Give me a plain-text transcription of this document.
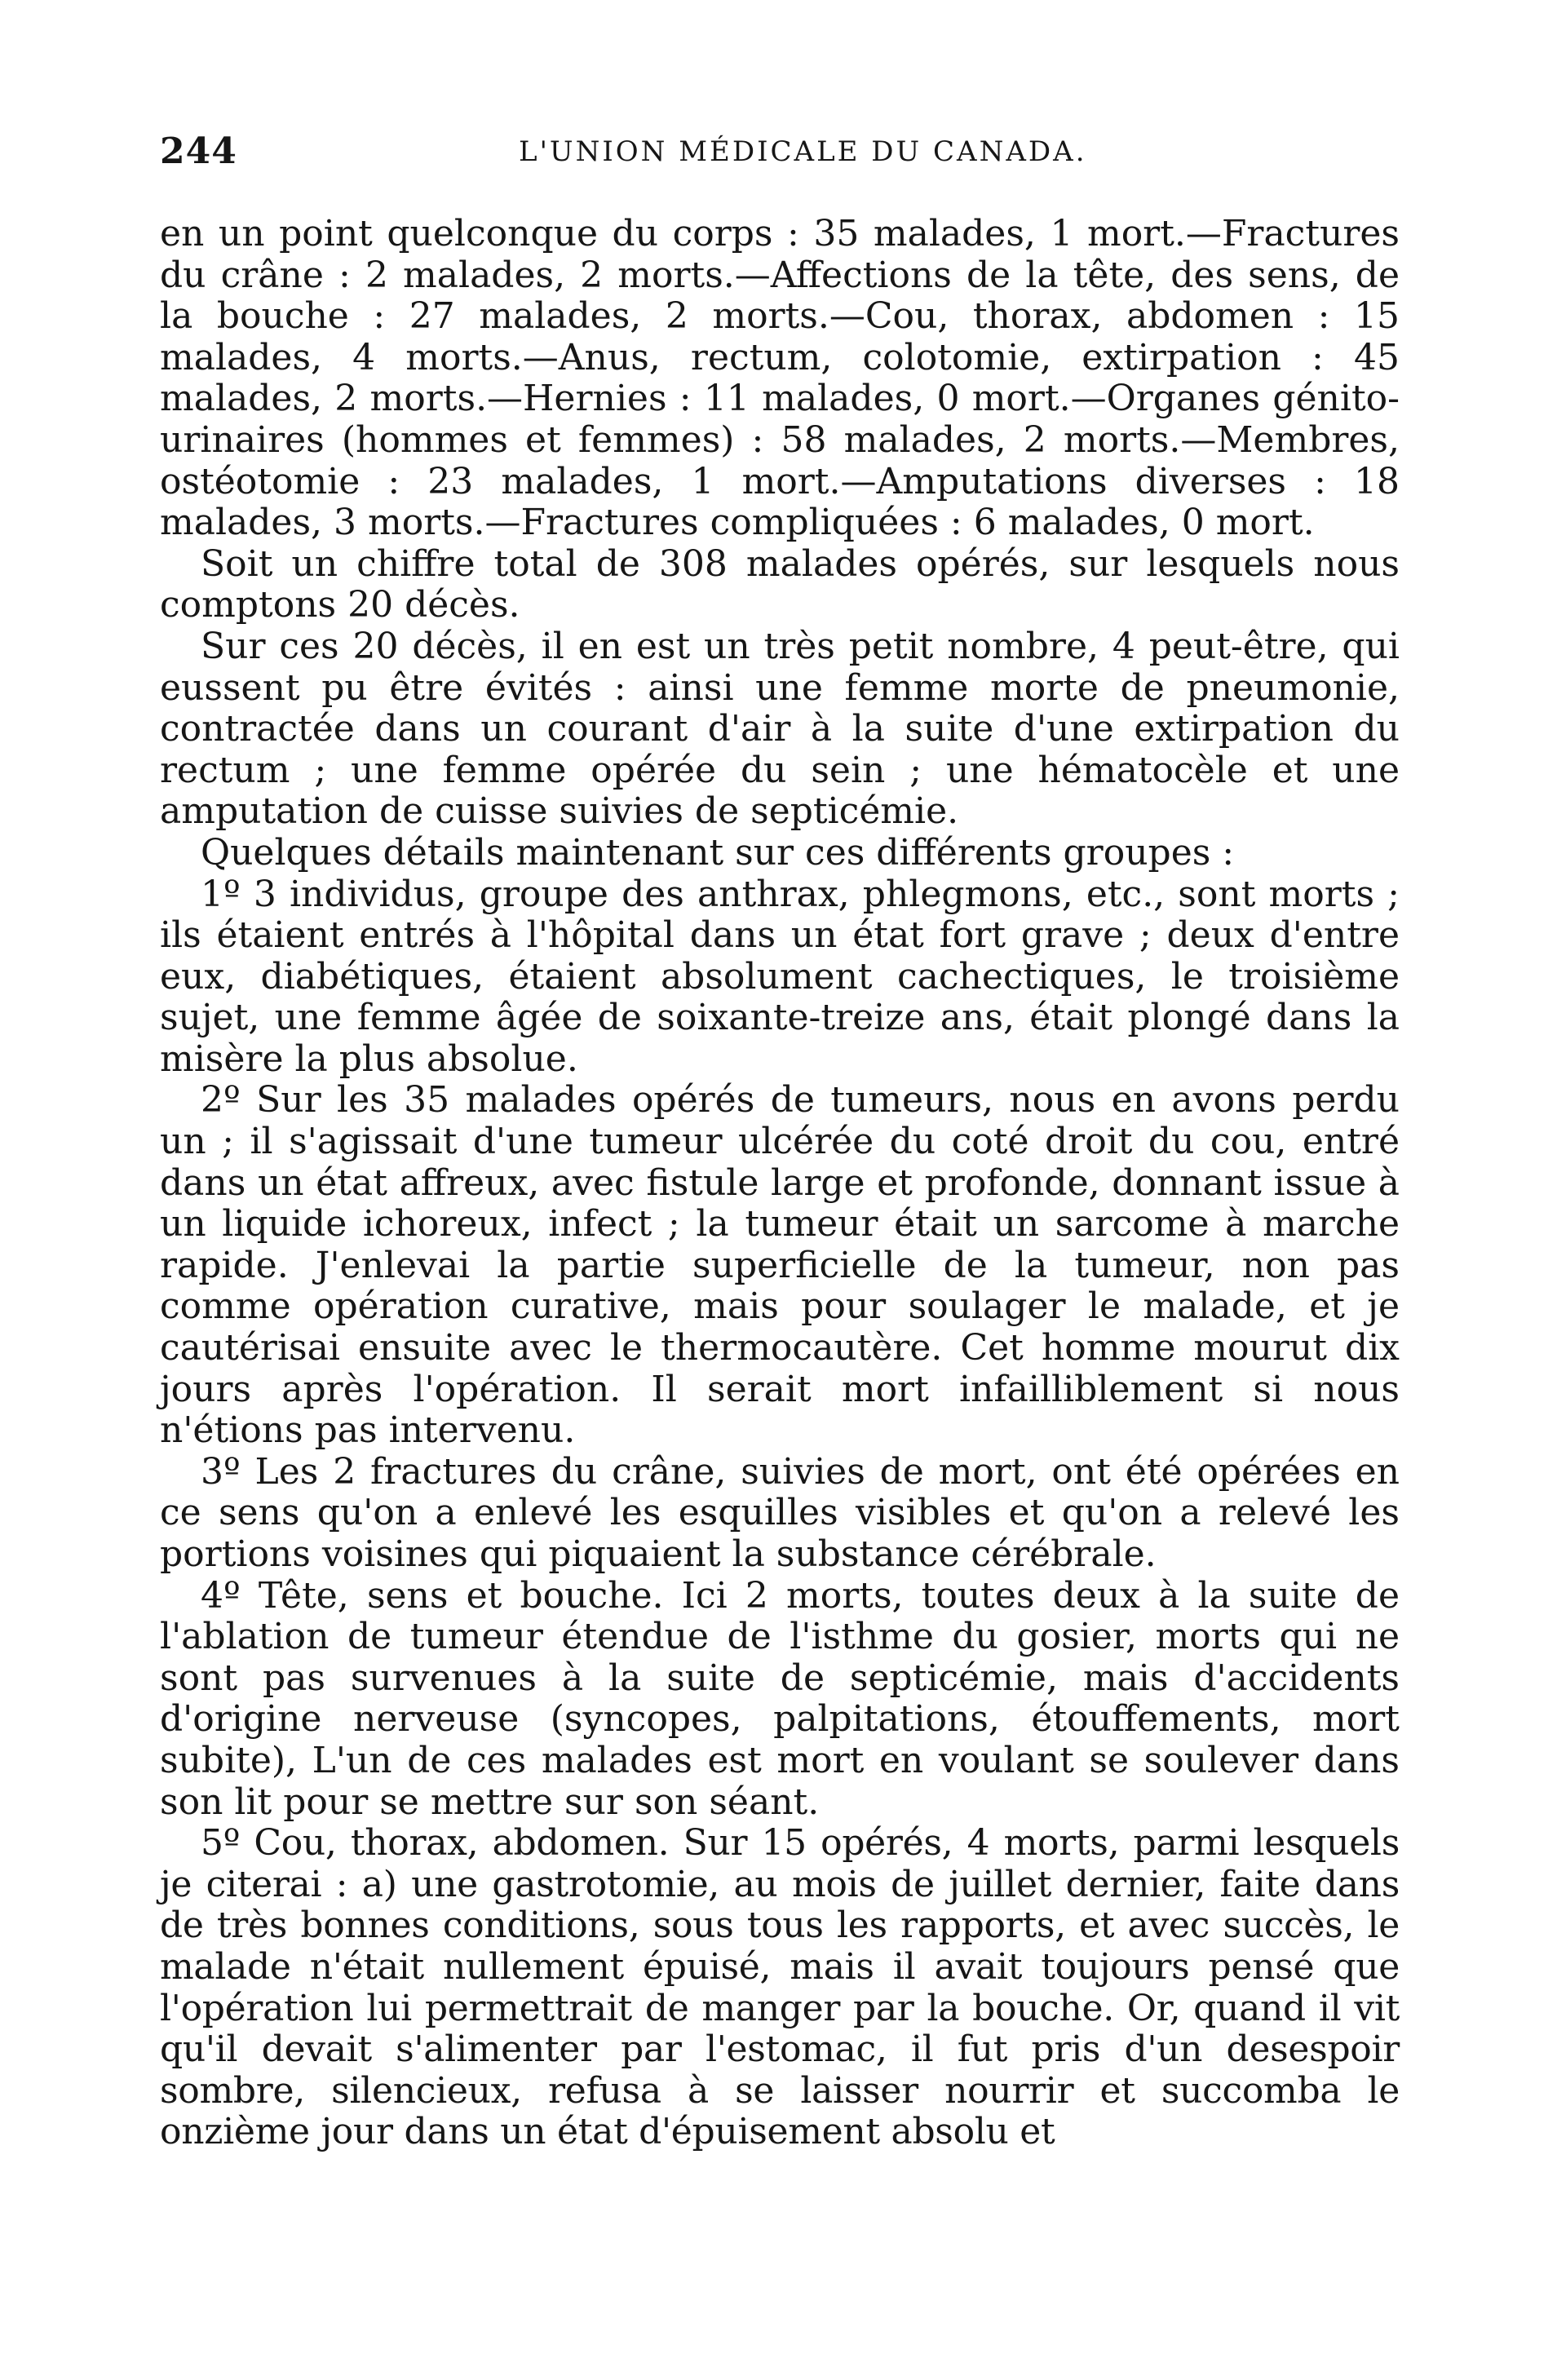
244	L'UNION MÉDICALE DU CANADA.

en un point quelconque du corps : 35 malades, 1 mort.—Fractures du crâne : 2 malades, 2 morts.—Affections de la tête, des sens, de la bouche : 27 malades, 2 morts.—Cou, thorax, abdomen : 15 malades, 4 morts.—Anus, rectum, colotomie, extirpation : 45 malades, 2 morts.—Hernies : 11 malades, 0 mort.—Organes génito-urinaires (hommes et femmes) : 58 malades, 2 morts.—Membres, ostéotomie : 23 malades, 1 mort.—Amputations diverses : 18 malades, 3 morts.—Fractures compliquées : 6 malades, 0 mort.

Soit un chiffre total de 308 malades opérés, sur lesquels nous comptons 20 décès.

Sur ces 20 décès, il en est un très petit nombre, 4 peut-être, qui eussent pu être évités : ainsi une femme morte de pneumonie, contractée dans un courant d'air à la suite d'une extirpation du rectum ; une femme opérée du sein ; une hématocèle et une amputation de cuisse suivies de septicémie.

Quelques détails maintenant sur ces différents groupes :

1º 3 individus, groupe des anthrax, phlegmons, etc., sont morts ; ils étaient entrés à l'hôpital dans un état fort grave ; deux d'entre eux, diabétiques, étaient absolument cachectiques, le troisième sujet, une femme âgée de soixante-treize ans, était plongé dans la misère la plus absolue.

2º Sur les 35 malades opérés de tumeurs, nous en avons perdu un ; il s'agissait d'une tumeur ulcérée du coté droit du cou, entré dans un état affreux, avec fistule large et profonde, donnant issue à un liquide ichoreux, infect ; la tumeur était un sarcome à marche rapide. J'enlevai la partie superficielle de la tumeur, non pas comme opération curative, mais pour soulager le malade, et je cautérisai ensuite avec le thermocautère. Cet homme mourut dix jours après l'opération. Il serait mort infailliblement si nous n'étions pas intervenu.

3º Les 2 fractures du crâne, suivies de mort, ont été opérées en ce sens qu'on a enlevé les esquilles visibles et qu'on a relevé les portions voisines qui piquaient la substance cérébrale.

4º Tête, sens et bouche. Ici 2 morts, toutes deux à la suite de l'ablation de tumeur étendue de l'isthme du gosier, morts qui ne sont pas survenues à la suite de septicémie, mais d'accidents d'origine nerveuse (syncopes, palpitations, étouffements, mort subite), L'un de ces malades est mort en voulant se soulever dans son lit pour se mettre sur son séant.

5º Cou, thorax, abdomen. Sur 15 opérés, 4 morts, parmi lesquels je citerai : a) une gastrotomie, au mois de juillet dernier, faite dans de très bonnes conditions, sous tous les rapports, et avec succès, le malade n'était nullement épuisé, mais il avait toujours pensé que l'opération lui permettrait de manger par la bouche. Or, quand il vit qu'il devait s'alimenter par l'estomac, il fut pris d'un desespoir sombre, silencieux, refusa à se laisser nourrir et succomba le onzième jour dans un état d'épuisement absolu et
